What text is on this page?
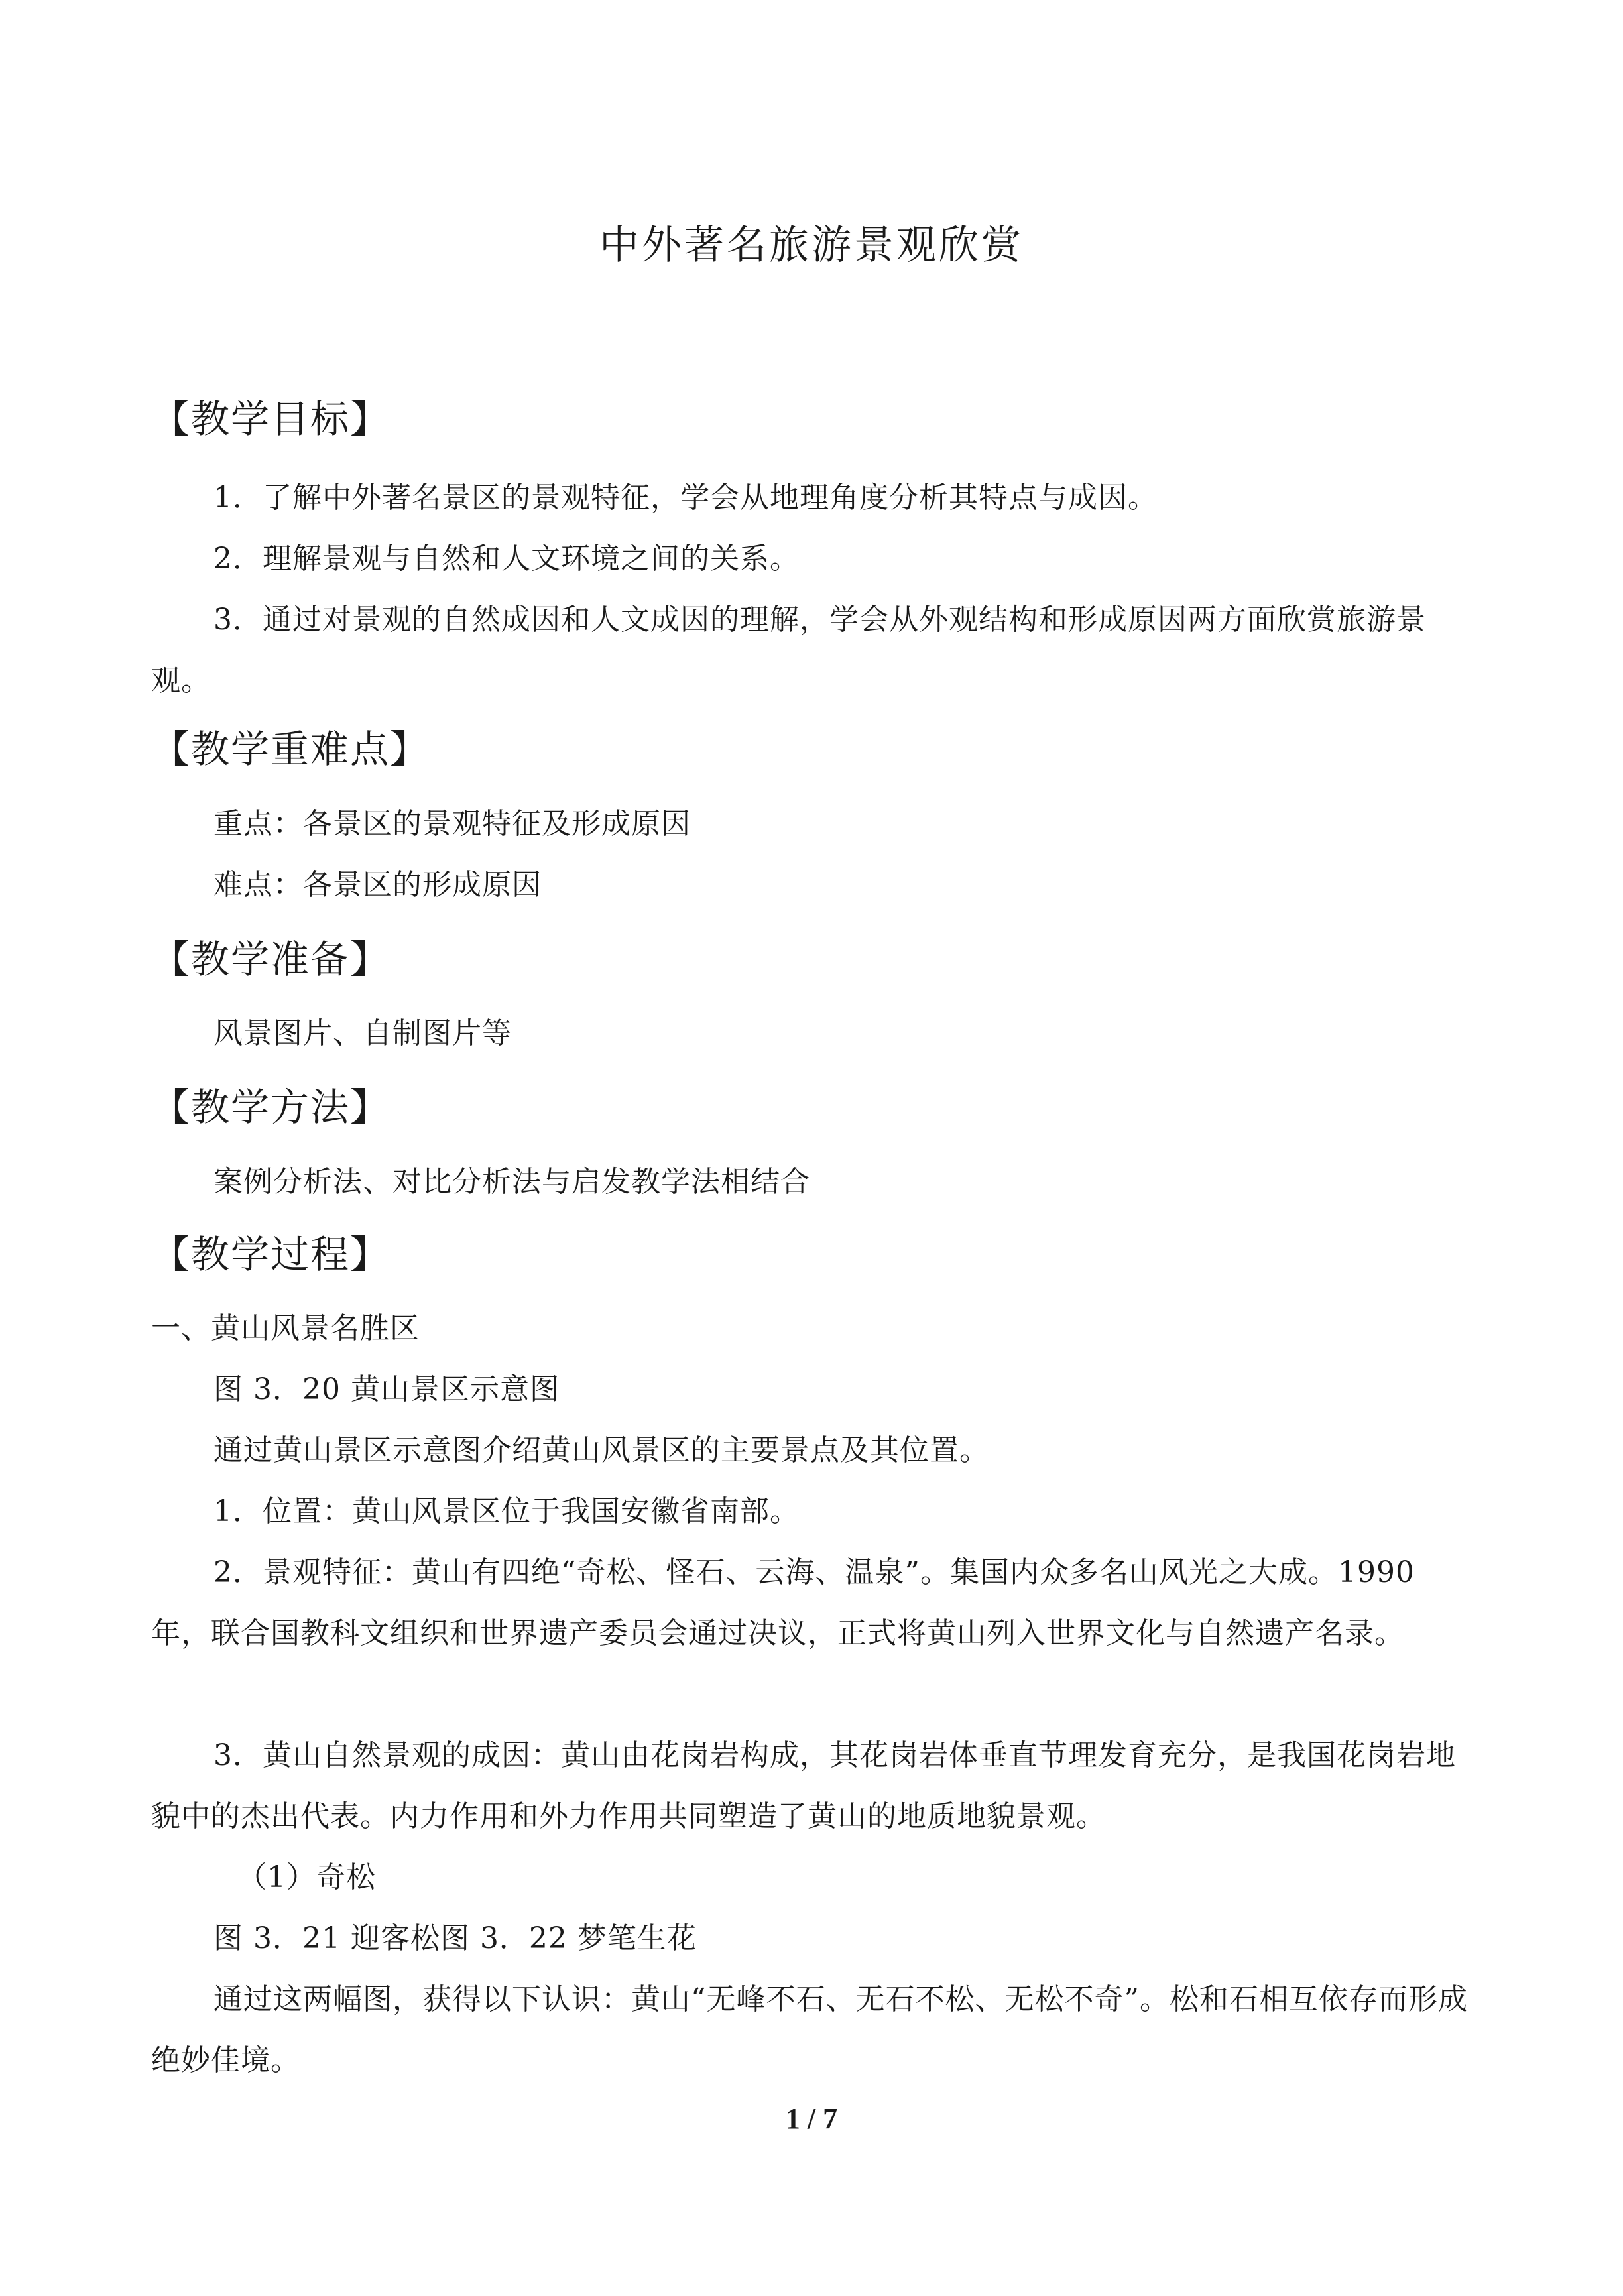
中外著名旅游景观欣赏
【教学目标】
1．了解中外著名景区的景观特征，学会从地理角度分析其特点与成因。
2．理解景观与自然和人文环境之间的关系。
3．通过对景观的自然成因和人文成因的理解，学会从外观结构和形成原因两方面欣赏旅游景观。
【教学重难点】
重点：各景区的景观特征及形成原因
难点：各景区的形成原因
【教学准备】
风景图片、自制图片等
【教学方法】
案例分析法、对比分析法与启发教学法相结合
【教学过程】
一、黄山风景名胜区
图 3．20 黄山景区示意图
通过黄山景区示意图介绍黄山风景区的主要景点及其位置。
1．位置：黄山风景区位于我国安徽省南部。
2．景观特征：黄山有四绝“奇松、怪石、云海、温泉”。集国内众多名山风光之大成。1990 年，联合国教科文组织和世界遗产委员会通过决议，正式将黄山列入世界文化与自然遗产名录。
3．黄山自然景观的成因：黄山由花岗岩构成，其花岗岩体垂直节理发育充分，是我国花岗岩地貌中的杰出代表。内力作用和外力作用共同塑造了黄山的地质地貌景观。
（1）奇松
图 3．21 迎客松图 3．22 梦笔生花
通过这两幅图，获得以下认识：黄山“无峰不石、无石不松、无松不奇”。松和石相互依存而形成绝妙佳境。
1 / 7
